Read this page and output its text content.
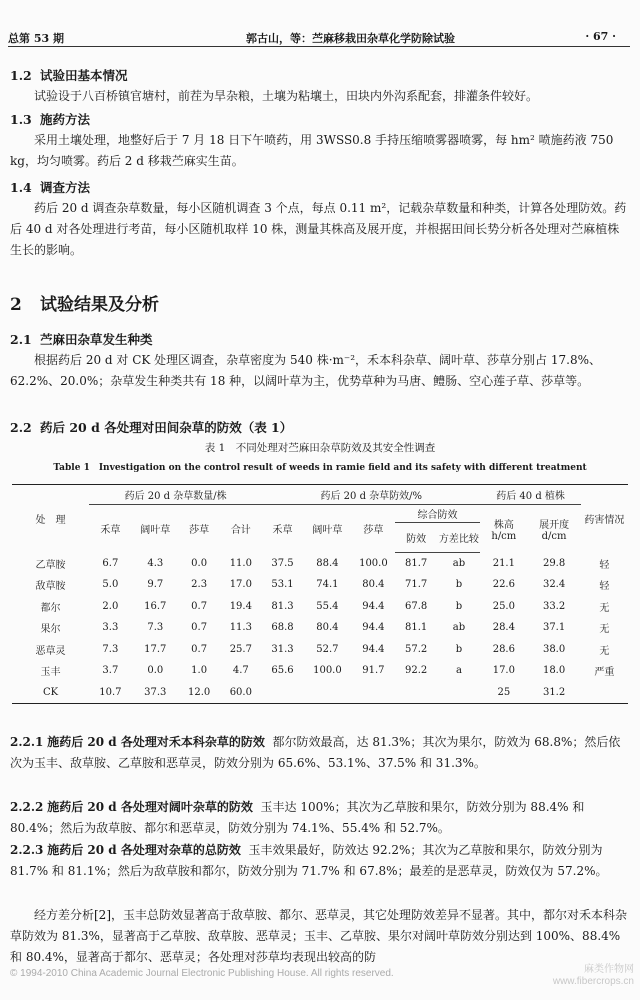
总第 53 期	郭古山，等：苎麻移栽田杂草化学防除试验	· 67 ·
1.2 试验田基本情况
试验设于八百桥镇官塘村，前茬为旱杂粮，土壤为粘壤土，田块内外沟系配套，排灌条件较好。
1.3 施药方法
采用土壤处理，地整好后于 7 月 18 日下午喷药，用 3WSS0.8 手持压缩喷雾器喷雾，每 hm² 喷施药液 750 kg，均匀喷雾。药后 2 d 移栽苎麻实生苗。
1.4 调查方法
药后 20 d 调查杂草数量，每小区随机调查 3 个点，每点 0.11 m²，记载杂草数量和种类，计算各处理防效。药后 40 d 对各处理进行考苗，每小区随机取样 10 株，测量其株高及展开度，并根据田间长势分析各处理对苎麻植株生长的影响。
2 试验结果及分析
2.1 苎麻田杂草发生种类
根据药后 20 d 对 CK 处理区调查，杂草密度为 540 株·m⁻²，禾本科杂草、阔叶草、莎草分别占 17.8%、62.2%、20.0%；杂草发生种类共有 18 种，以阔叶草为主，优势草种为马唐、鳢肠、空心莲子草、莎草等。
2.2 药后 20 d 各处理对田间杂草的防效（表 1）
表 1　不同处理对苎麻田杂草防效及其安全性调查
Table 1　Investigation on the control result of weeds in ramie field and its safety with different treatment
处　理	药后 20 d 杂草数量/株				药后 20 d 杂草防效/%					药后 40 d 植株		药害情况
	禾草	阔叶草	莎草	合计	禾草	阔叶草	莎草	综合防效		株高 h/cm	展开度 d/cm	
								防效	方差比较			
乙草胺	6.7	4.3	0.0	11.0	37.5	88.4	100.0	81.7	ab	21.1	29.8	轻
敌草胺	5.0	9.7	2.3	17.0	53.1	74.1	80.4	71.7	b	22.6	32.4	轻
都尔	2.0	16.7	0.7	19.4	81.3	55.4	94.4	67.8	b	25.0	33.2	无
果尔	3.3	7.3	0.7	11.3	68.8	80.4	94.4	81.1	ab	28.4	37.1	无
恶草灵	7.3	17.7	0.7	25.7	31.3	52.7	94.4	57.2	b	28.6	38.0	无
玉丰	3.7	0.0	1.0	4.7	65.6	100.0	91.7	92.2	a	17.0	18.0	严重
CK	10.7	37.3	12.0	60.0						25	31.2	
2.2.1 施药后 20 d 各处理对禾本科杂草的防效 都尔防效最高，达 81.3%；其次为果尔，防效为 68.8%；然后依次为玉丰、敌草胺、乙草胺和恶草灵，防效分别为 65.6%、53.1%、37.5% 和 31.3%。
2.2.2 施药后 20 d 各处理对阔叶杂草的防效 玉丰达 100%；其次为乙草胺和果尔，防效分别为 88.4% 和 80.4%；然后为敌草胺、都尔和恶草灵，防效分别为 74.1%、55.4% 和 52.7%。
2.2.3 施药后 20 d 各处理对杂草的总防效 玉丰效果最好，防效达 92.2%；其次为乙草胺和果尔，防效分别为 81.7% 和 81.1%；然后为敌草胺和都尔，防效分别为 71.7% 和 67.8%；最差的是恶草灵，防效仅为 57.2%。
经方差分析[2]，玉丰总防效显著高于敌草胺、都尔、恶草灵，其它处理防效差异不显著。其中，都尔对禾本科杂草防效为 81.3%，显著高于乙草胺、敌草胺、恶草灵；玉丰、乙草胺、果尔对阔叶草防效分别达到 100%、88.4% 和 80.4%，显著高于都尔、恶草灵；各处理对莎草均表现出较高的防
© 1994-2010 China Academic Journal Electronic Publishing House. All rights reserved.	麻类作物网
www.fibercrops.cn
